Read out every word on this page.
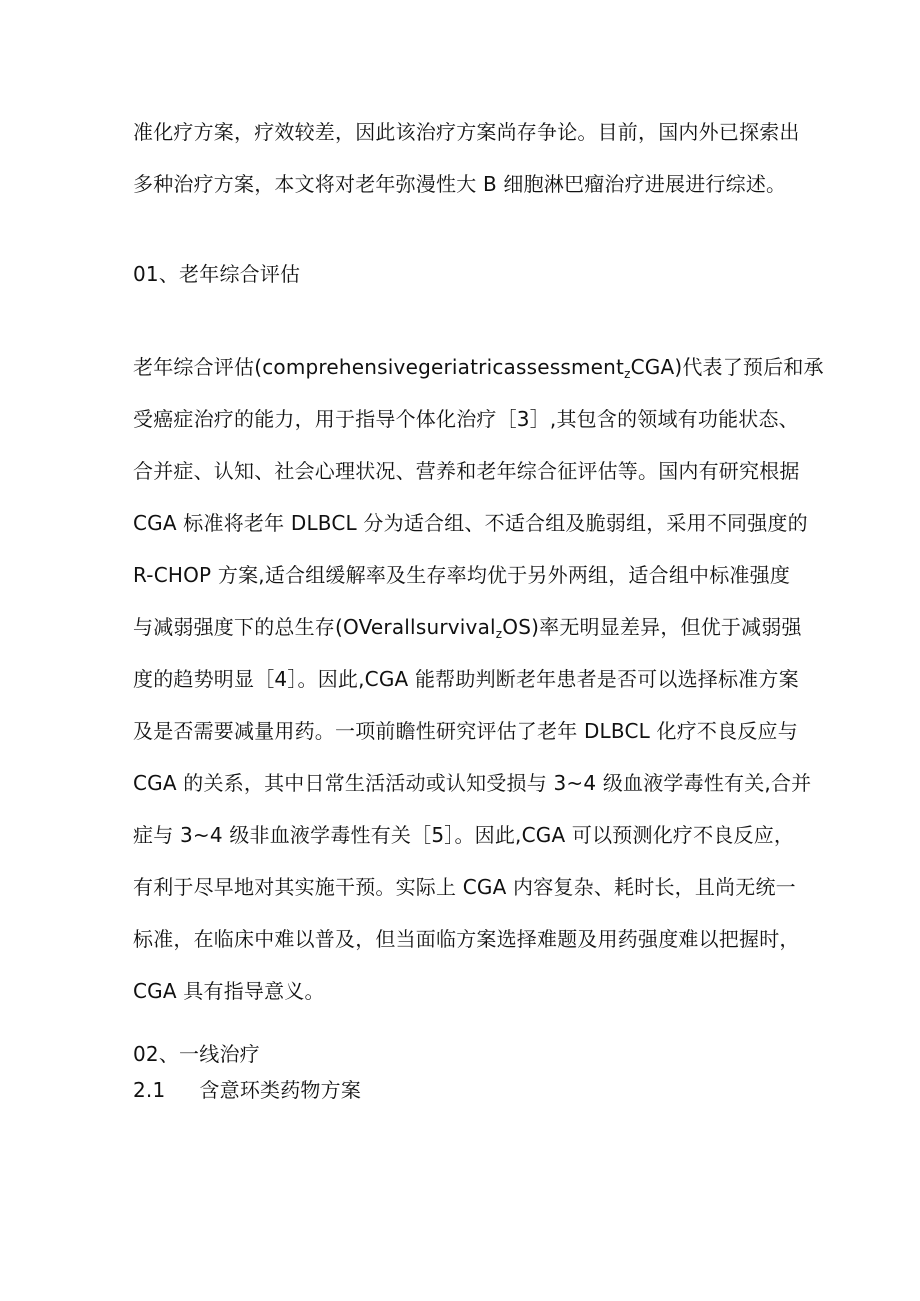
准化疗方案，疗效较差，因此该治疗方案尚存争论。目前，国内外已探索出
多种治疗方案，本文将对老年弥漫性大 B 细胞淋巴瘤治疗进展进行综述。
01、老年综合评估
老年综合评估(comprehensivegeriatricassessment$_z$CGA)代表了预后和承
受癌症治疗的能力，用于指导个体化治疗［3］,其包含的领域有功能状态、
合并症、认知、社会心理状况、营养和老年综合征评估等。国内有研究根据
CGA 标准将老年 DLBCL 分为适合组、不适合组及脆弱组，采用不同强度的
R-CHOP 方案,适合组缓解率及生存率均优于另外两组，适合组中标准强度
与减弱强度下的总生存(OVerallsurvival$_z$OS)率无明显差异，但优于减弱强
度的趋势明显［4］。因此,CGA 能帮助判断老年患者是否可以选择标准方案
及是否需要减量用药。一项前瞻性研究评估了老年 DLBCL 化疗不良反应与
CGA 的关系，其中日常生活活动或认知受损与 3~4 级血液学毒性有关,合并
症与 3~4 级非血液学毒性有关［5］。因此,CGA 可以预测化疗不良反应，
有利于尽早地对其实施干预。实际上 CGA 内容复杂、耗时长，且尚无统一
标准，在临床中难以普及，但当面临方案选择难题及用药强度难以把握时，
CGA 具有指导意义。
02、一线治疗
2.1 含意环类药物方案
